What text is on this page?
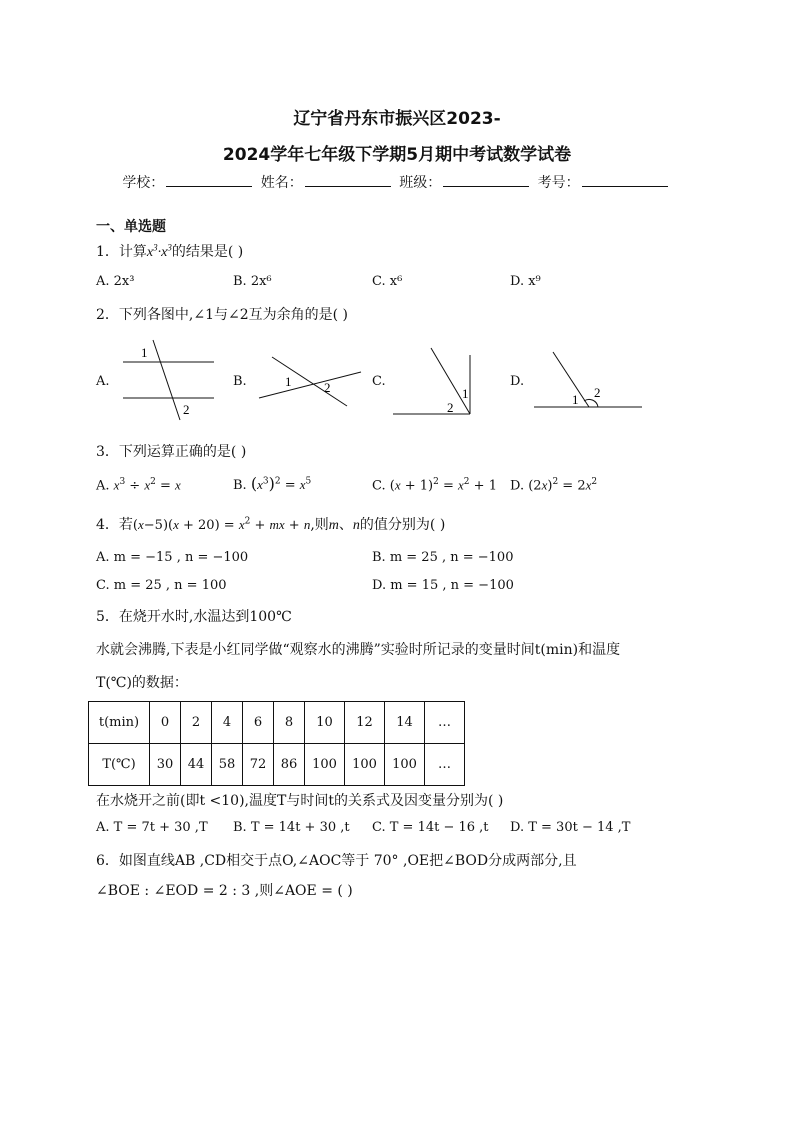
辽宁省丹东市振兴区2023-
2024学年七年级下学期5月期中考试数学试卷
学校：	姓名：	班级：	考号：
一、单选题
1．计算$x^3\cdot x^3$的结果是( )
A. 2x³	B. 2x⁶	C. x⁶	D. x⁹
2．下列各图中,∠1与∠2互为余角的是( )
A.	B.	C.	D.
1
2
1	2	1
2
1 2
3．下列运算正确的是( )
A. $x^3 \div x^2 = x$	B. $(x^3)^2 = x^5$	C. $(x + 1)^2 = x^2 + 1$ D. $(2x)^2 = 2x^2$
4．若$(x-5)(x + 20) = x^2$ + mx + n,则m、n的值分别为( )
A. m = −15 , n = −100	B. m = 25 , n = −100
C. m = 25 , n = 100	D. m = 15 , n = −100
5．在烧开水时,水温达到100℃
水就会沸腾,下表是小红同学做“观察水的沸腾”实验时所记录的变量时间t(min)和温度
T(℃)的数据：
t(min)	0	2	4	6	8	10	12	14	…
T(℃)	30	44	58	72	86	100	100	100	…
在水烧开之前(即t <10),温度T与时间t的关系式及因变量分别为( )
A. T = 7t + 30 ,T B. T = 14t + 30 ,t C. T = 14t − 16 ,t D. T = 30t − 14 ,T
6．如图直线AB ,CD相交于点O,∠AOC等于 70° ,OE把∠BOD分成两部分,且
∠BOE : ∠EOD = 2 : 3 ,则∠AOE = ( )
